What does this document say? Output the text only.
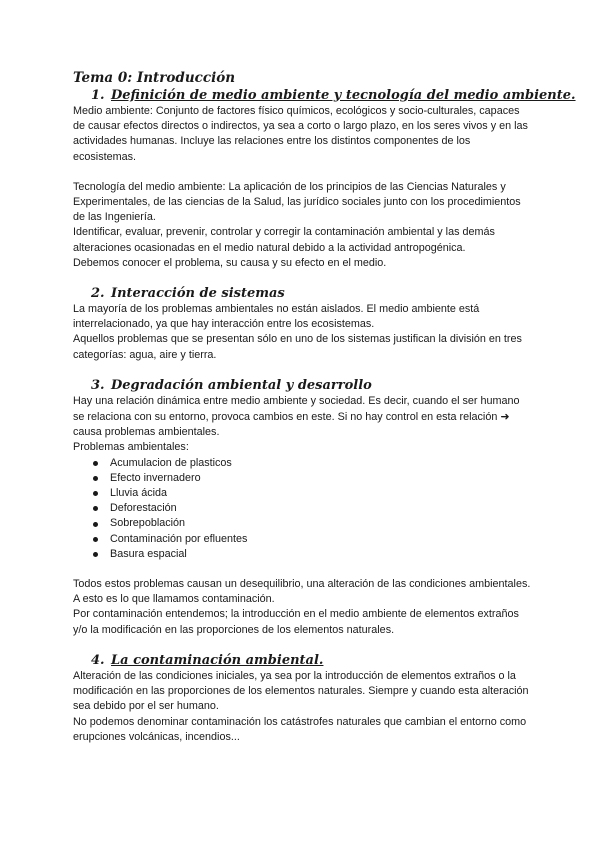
Tema 0: Introducción
1. Definición de medio ambiente y tecnología del medio ambiente.

Medio ambiente: Conjunto de factores físico químicos, ecológicos y socio-culturales, capaces de causar efectos directos o indirectos, ya sea a corto o largo plazo, en los seres vivos y en las actividades humanas. Incluye las relaciones entre los distintos componentes de los ecosistemas.

Tecnología del medio ambiente: La aplicación de los principios de las Ciencias Naturales y Experimentales, de las ciencias de la Salud, las jurídico sociales junto con los procedimientos de las Ingeniería.

Identificar, evaluar, prevenir, controlar y corregir la contaminación ambiental y las demás alteraciones ocasionadas en el medio natural debido a la actividad antropogénica.

Debemos conocer el problema, su causa y su efecto en el medio.

2. Interacción de sistemas

La mayoría de los problemas ambientales no están aislados. El medio ambiente está interrelacionado, ya que hay interacción entre los ecosistemas.

Aquellos problemas que se presentan sólo en uno de los sistemas justifican la división en tres categorías: agua, aire y tierra.

3. Degradación ambiental y desarrollo

Hay una relación dinámica entre medio ambiente y sociedad. Es decir, cuando el ser humano se relaciona con su entorno, provoca cambios en este. Si no hay control en esta relación ➜ causa problemas ambientales.

Problemas ambientales:

Acumulacion de plasticos
Efecto invernadero
Lluvia ácida
Deforestación
Sobrepoblación
Contaminación por efluentes
Basura espacial

Todos estos problemas causan un desequilibrio, una alteración de las condiciones ambientales. A esto es lo que llamamos contaminación.

Por contaminación entendemos; la introducción en el medio ambiente de elementos extraños y/o la modificación en las proporciones de los elementos naturales.

4. La contaminación ambiental.

Alteración de las condiciones iniciales, ya sea por la introducción de elementos extraños o la modificación en las proporciones de los elementos naturales. Siempre y cuando esta alteración sea debido por el ser humano.

No podemos denominar contaminación los catástrofes naturales que cambian el entorno como erupciones volcánicas, incendios...
